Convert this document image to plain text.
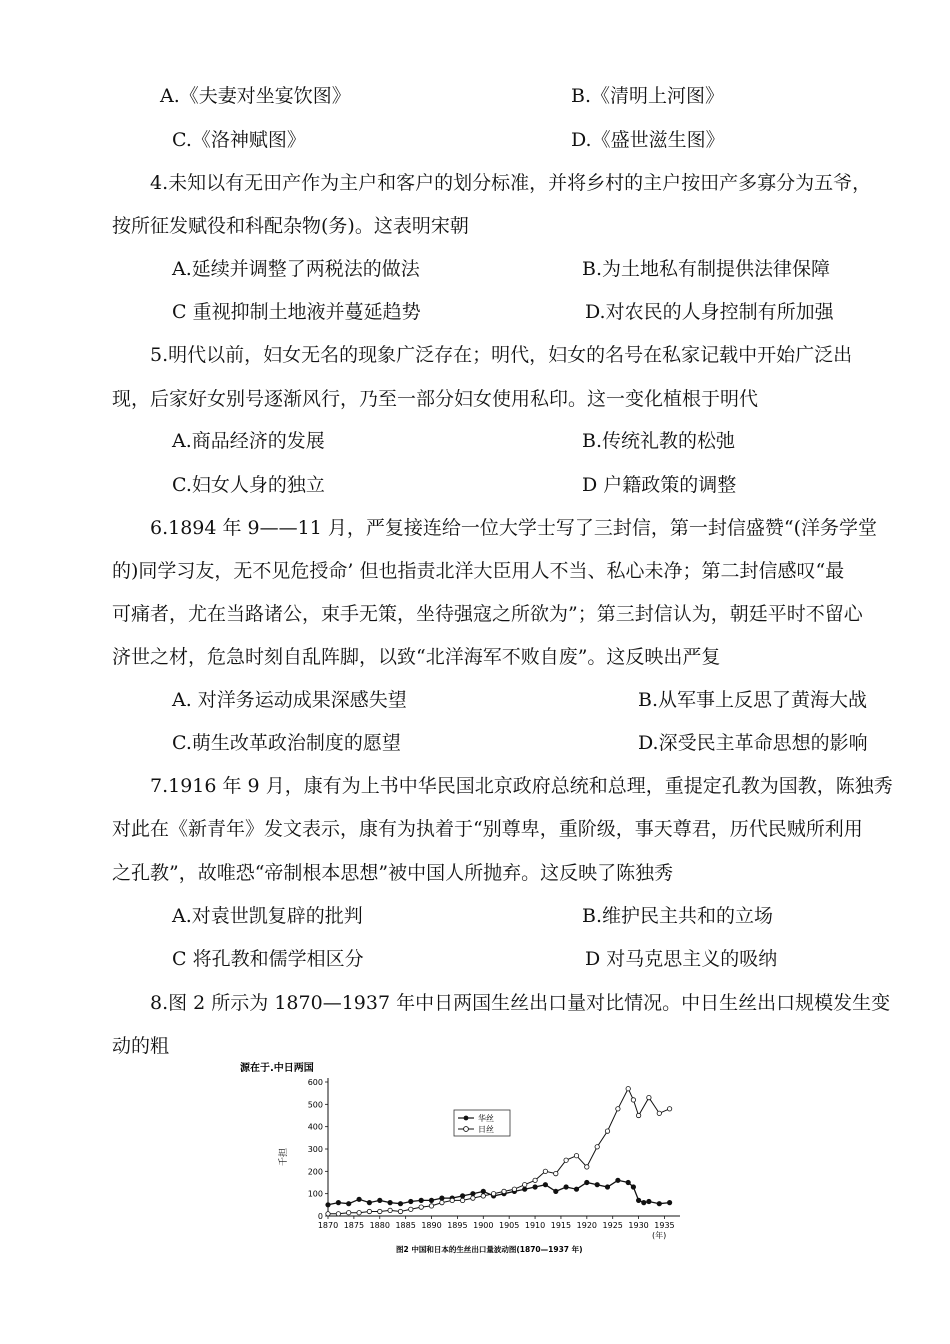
A.《夫妻对坐宴饮图》	B.《清明上河图》
C.《洛神赋图》	D.《盛世滋生图》
4.未知以有无田产作为主户和客户的划分标准，并将乡村的主户按田产多寡分为五爷，
按所征发赋役和科配杂物(务)。这表明宋朝
A.延续并调整了两税法的做法	B.为土地私有制提供法律保障
C 重视抑制土地液并蔓延趋势	D.对农民的人身控制有所加强
5.明代以前，妇女无名的现象广泛存在；明代，妇女的名号在私家记载中开始广泛出
现，后家好女别号逐渐风行，乃至一部分妇女使用私印。这一变化植根于明代
A.商品经济的发展	B.传统礼教的松弛
C.妇女人身的独立	D 户籍政策的调整
6.1894 年 9——11 月，严复接连给一位大学士写了三封信，第一封信盛赞“(洋务学堂
的)同学习友，无不见危授命’ 但也指责北洋大臣用人不当、私心未净；第二封信感叹“最
可痛者，尤在当路诸公，束手无策，坐待强寇之所欲为”；第三封信认为，朝廷平时不留心
济世之材，危急时刻自乱阵脚，以致“北洋海军不败自废”。这反映出严复
A. 对洋务运动成果深感失望	B.从军事上反思了黄海大战
C.萌生改革政治制度的愿望	D.深受民主革命思想的影响
7.1916 年 9 月，康有为上书中华民国北京政府总统和总理，重提定孔教为国教，陈独秀
对此在《新青年》发文表示，康有为执着于“别尊卑，重阶级，事天尊君，历代民贼所利用
之孔教”，故唯恐“帝制根本思想”被中国人所抛弃。这反映了陈独秀
A.对袁世凯复辟的批判	B.维护民主共和的立场
C 将孔教和儒学相区分	D 对马克思主义的吸纳
8.图 2 所示为 1870—1937 年中日两国生丝出口量对比情况。中日生丝出口规模发生变
动的粗
源在于.中日两国
千担
0
100
200
300
400
500
600
1870 1875 1880 1885 1890 1895 1900 1905 1910 1915 1920 1925 1930 1935
华丝
日丝
(年)
图2 中国和日本的生丝出口量波动图(1870—1937 年)
